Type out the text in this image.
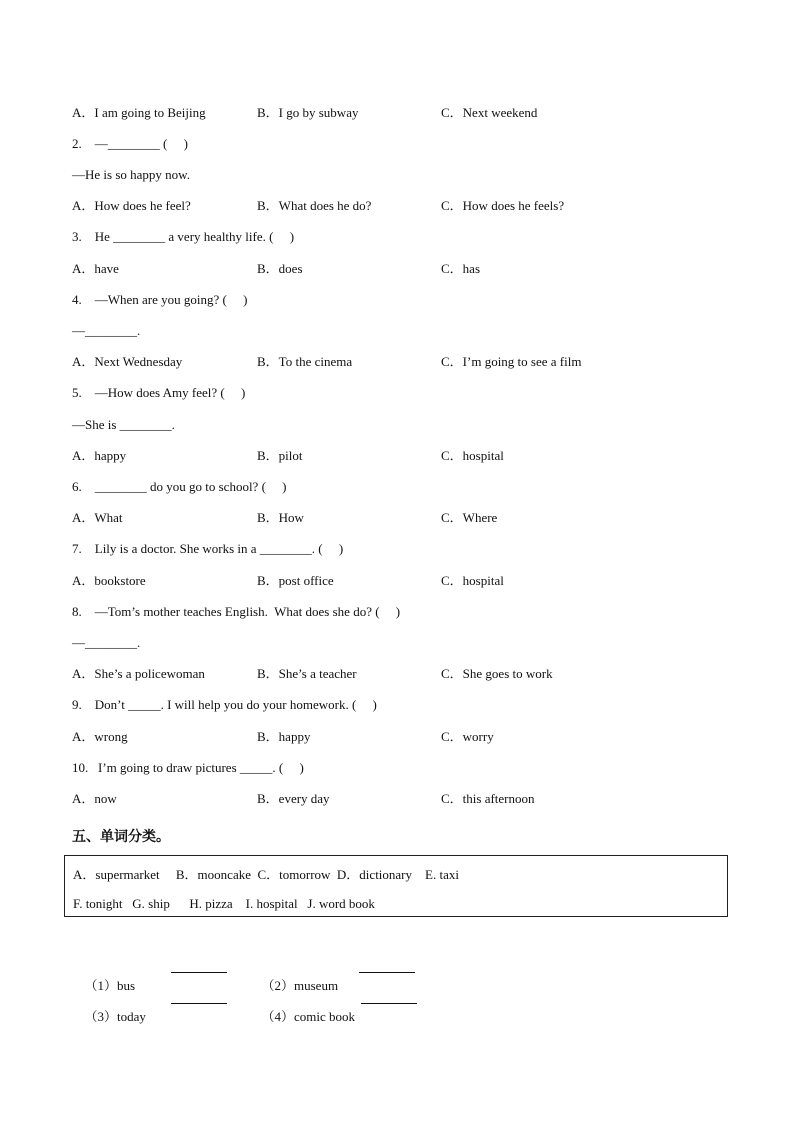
A．I am going to Beijing	B．I go by subway	C．Next weekend
2.    —________ (     )
—He is so happy now.
A．How does he feel?	B．What does he do?	C．How does he feels?
3.    He ________ a very healthy life. (     )
A．have	B．does	C．has
4.    —When are you going? (     )
—________.
A．Next Wednesday	B．To the cinema	C．I’m going to see a film
5.    —How does Amy feel? (     )
—She is ________.
A．happy	B．pilot	C．hospital
6.    ________ do you go to school? (     )
A．What	B．How	C．Where
7.    Lily is a doctor. She works in a ________. (     )
A．bookstore	B．post office	C．hospital
8.    —Tom’s mother teaches English.  What does she do? (     )
—________.
A．She’s a policewoman	B．She’s a teacher	C．She goes to work
9.    Don’t _____. I will help you do your homework. (     )
A．wrong	B．happy	C．worry
10.   I’m going to draw pictures _____. (     )
A．now	B．every day	C．this afternoon
五、单词分类。
A．supermarket     B．mooncake  C．tomorrow  D．dictionary    E. taxi
F. tonight   G. ship      H. pizza    I. hospital   J. word book

（1）bus	（2）museum

（3）today	（4）comic book
